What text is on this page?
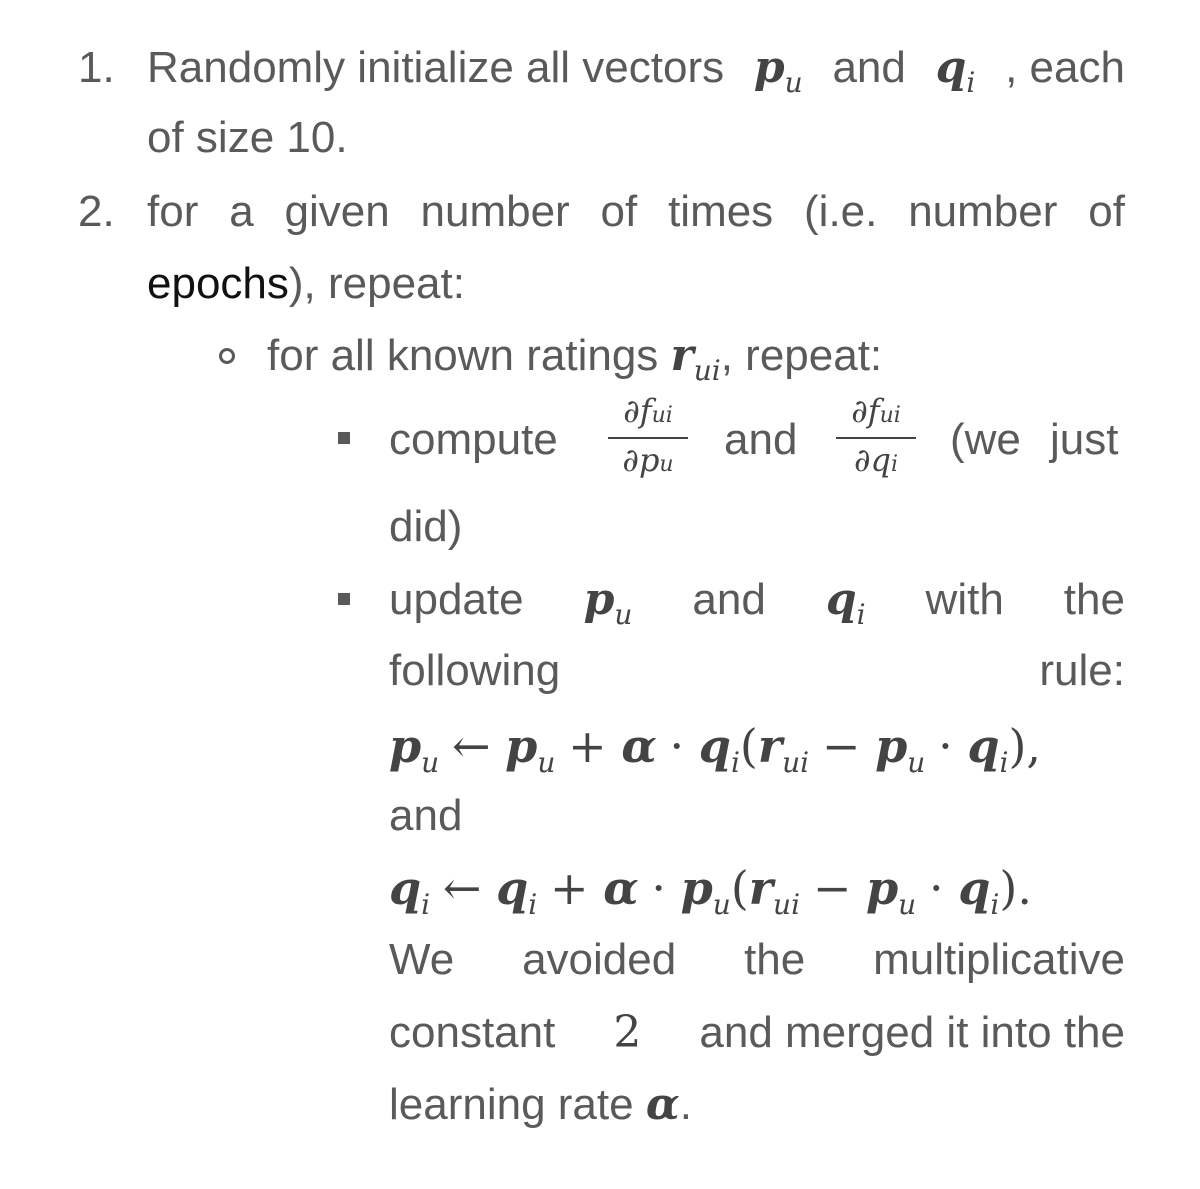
1. Randomly initialize all vectors $p_u$ and $q_i$ , each
of size 10.
2. for a given number of times (i.e. number of
epochs), repeat:
for all known ratings $r_{ui}$, repeat:
compute
∂fui
∂pu
and
∂fui
∂qi
(we just
did)
update $p_u$ and $q_i$ with the
following	rule:
$p_u$ ← $p_u + \alpha \cdot q_i(r_{ui} - p_u \cdot q_i)$,
and
$q_i$ ← $q_i + \alpha \cdot p_u(r_{ui} - p_u \cdot q_i)$.
We avoided the multiplicative
constant 2 and merged it into the
learning rate α.
